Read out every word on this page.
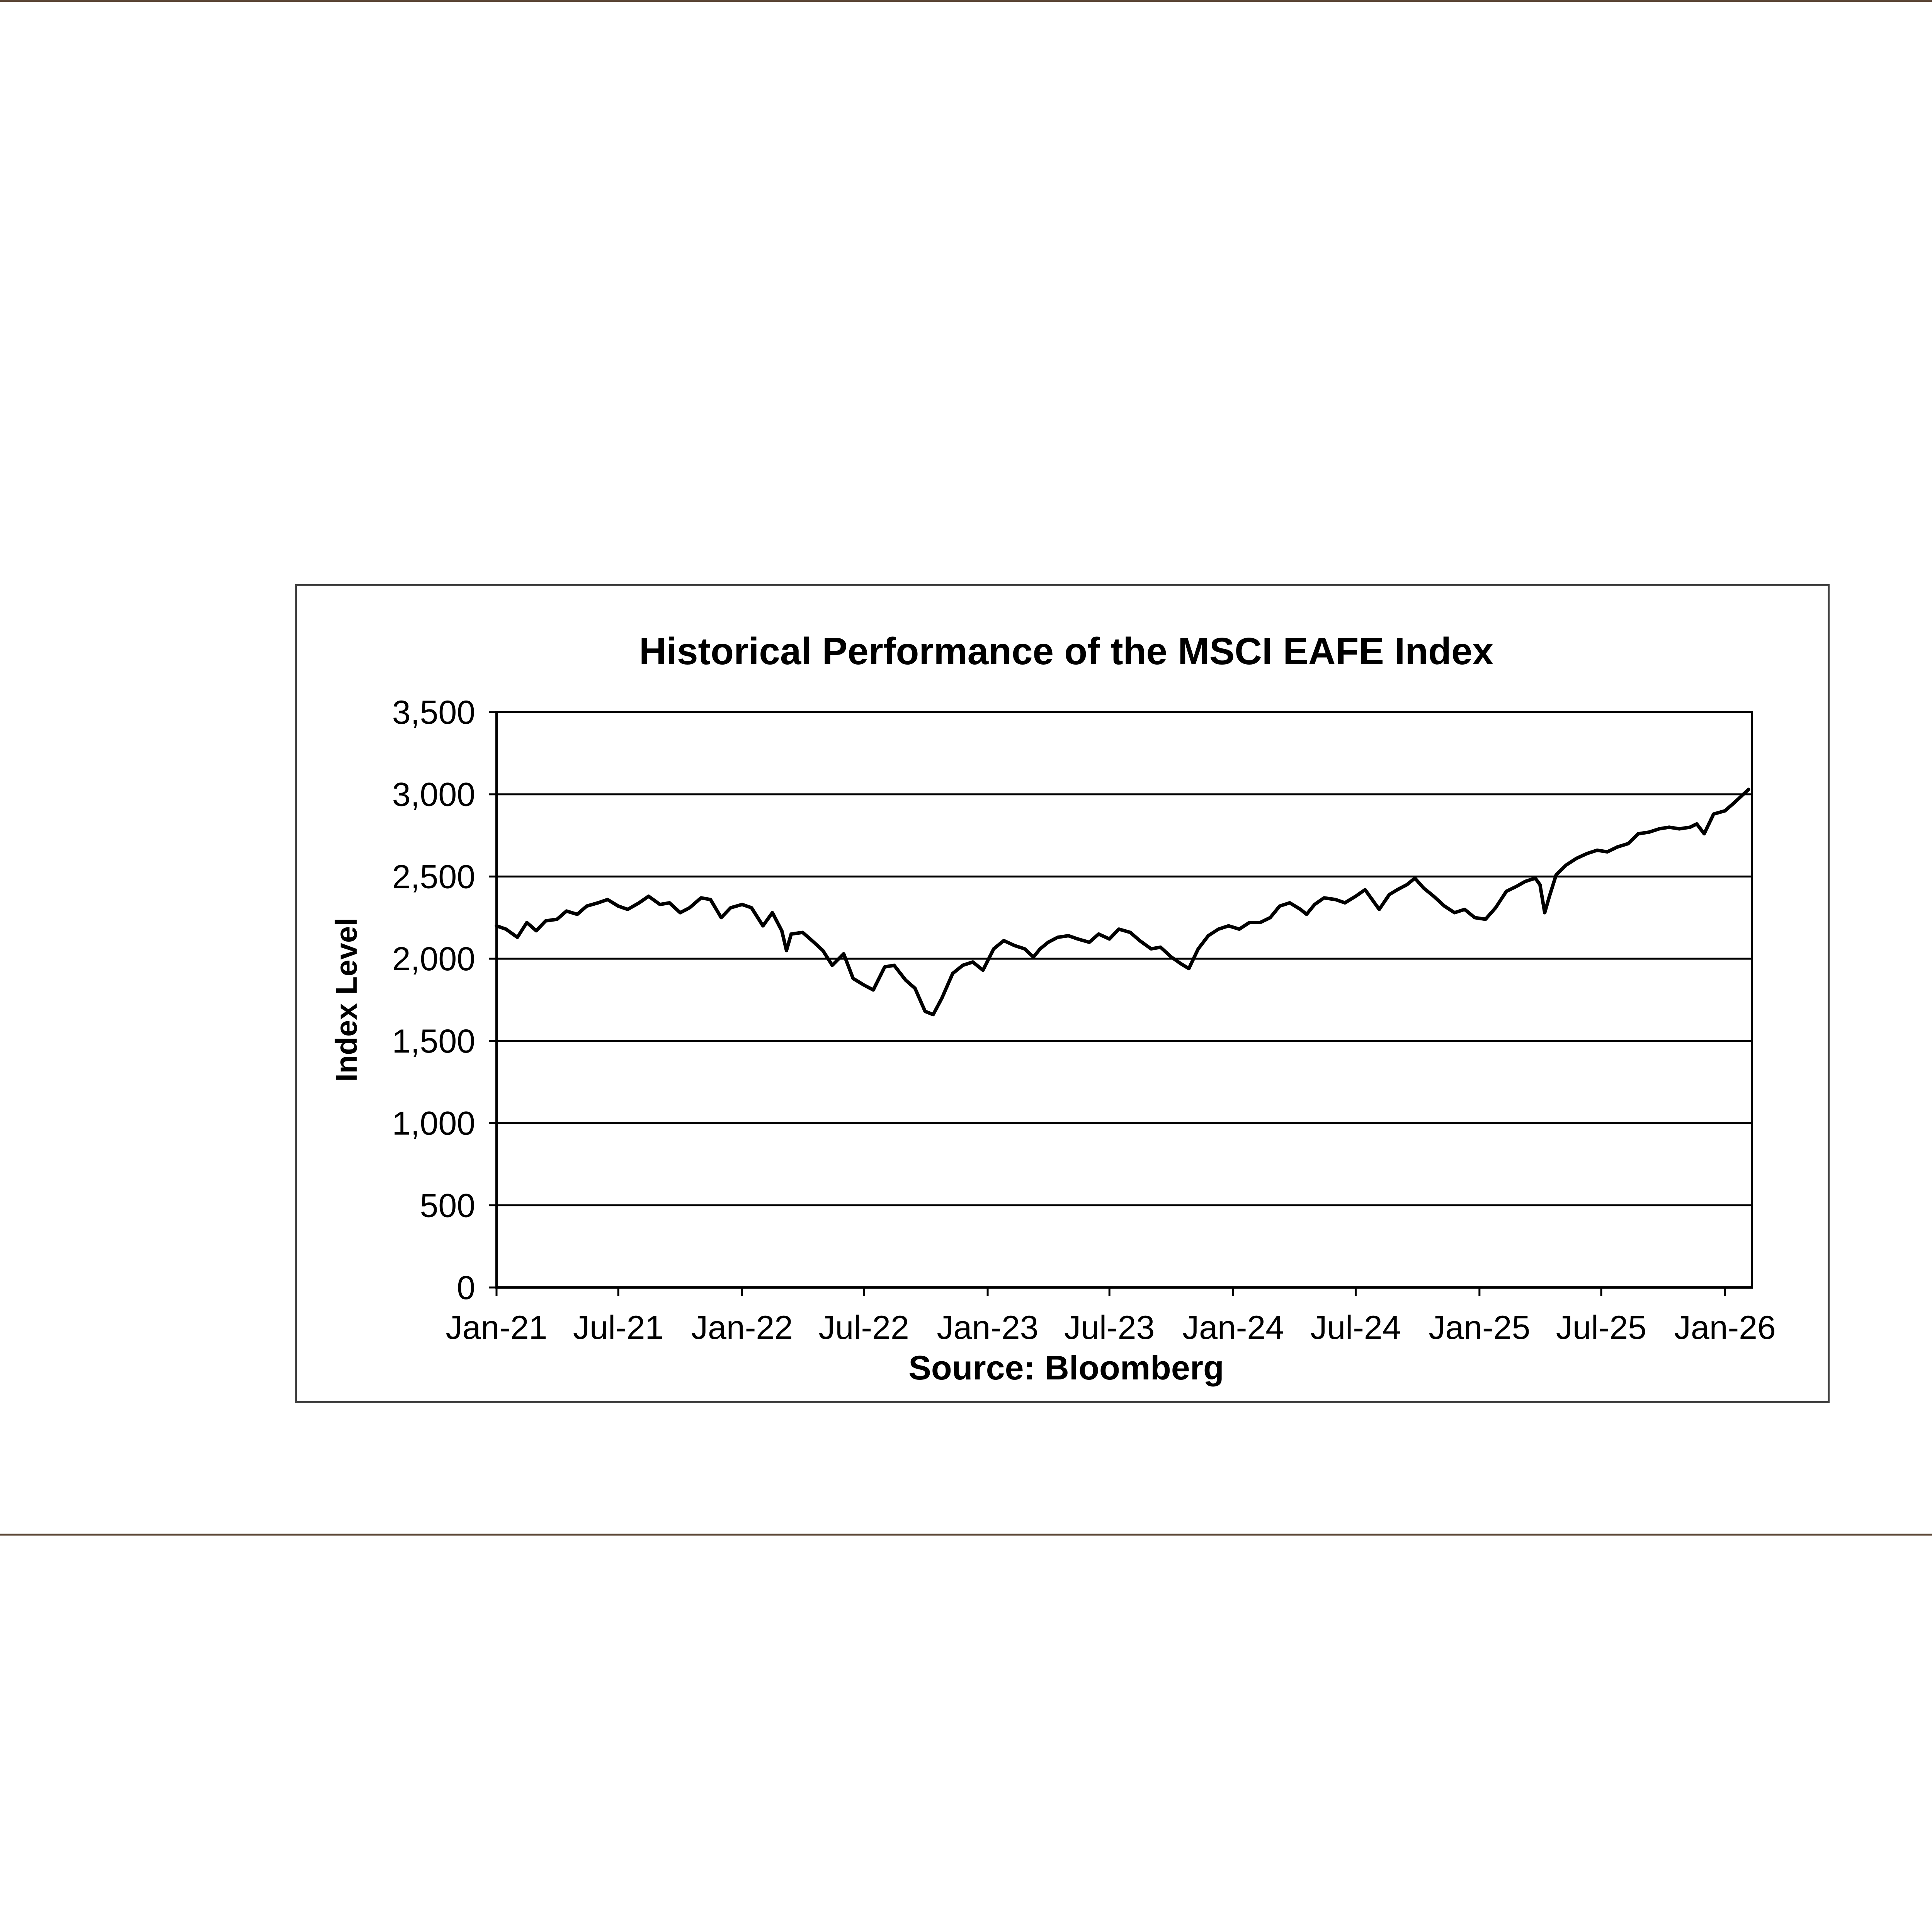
Historical Performance of the MSCI EAFE Index
0
500
1,000
1,500
2,000
2,500
3,000
3,500
Jan-21 Jul-21 Jan-22 Jul-22 Jan-23 Jul-23 Jan-24 Jul-24 Jan-25 Jul-25 Jan-26
Source: Bloomberg
Index Level
